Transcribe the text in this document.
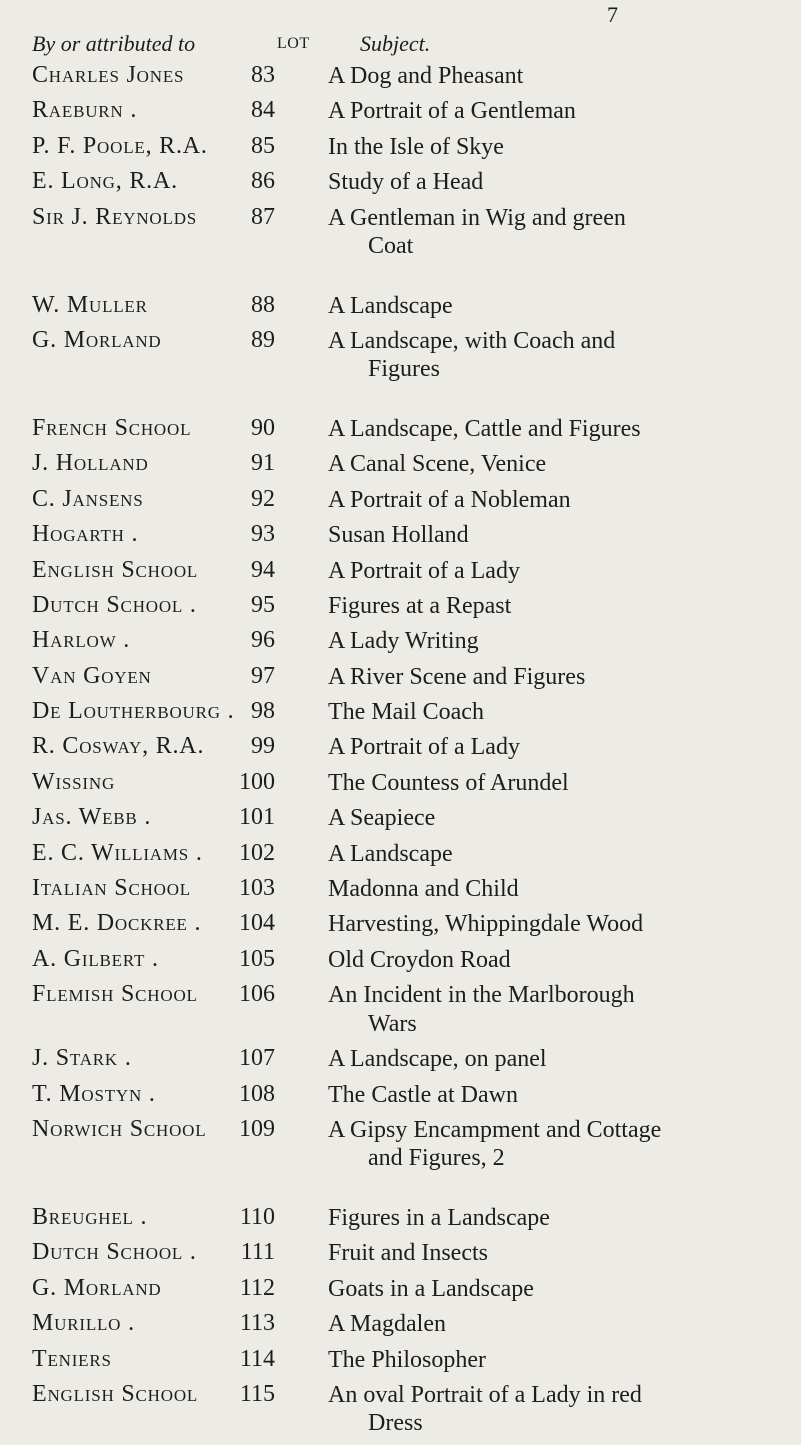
7
By or attributed to	LOT Subject.
Charles Jones	83 A Dog and Pheasant
Raeburn .	84 A Portrait of a Gentleman
P. F. Poole, R.A. 85 In the Isle of Skye
E. Long, R.A.	86 Study of a Head
Sir J. Reynolds 87 A Gentleman in Wig and green
Coat
W. Muller	88 A Landscape
G. Morland	89 A Landscape, with Coach and
Figures
French School 90 A Landscape, Cattle and Figures
J. Holland	91 A Canal Scene, Venice
C. Jansens	92 A Portrait of a Nobleman
Hogarth .	93 Susan Holland
English School 94 A Portrait of a Lady
Dutch School . 95 Figures at a Repast
Harlow .	96 A Lady Writing
Van Goyen	97 A River Scene and Figures
De Loutherbourg . 98 The Mail Coach
R. Cosway, R.A. 99 A Portrait of a Lady
Wissing	100 The Countess of Arundel
Jas. Webb .	101 A Seapiece
E. C. Williams . 102 A Landscape
Italian School 103 Madonna and Child
M. E. Dockree . 104 Harvesting, Whippingdale Wood
A. Gilbert .	105 Old Croydon Road
Flemish School 106 An Incident in the Marlborough
Wars
J. Stark .	107 A Landscape, on panel
T. Mostyn .	108 The Castle at Dawn
Norwich School 109 A Gipsy Encampment and Cottage
and Figures, 2
Breughel .	110 Figures in a Landscape
Dutch School . 111 Fruit and Insects
G. Morland	112 Goats in a Landscape
Murillo .	113 A Magdalen
Teniers	114 The Philosopher
English School 115 An oval Portrait of a Lady in red
Dress
